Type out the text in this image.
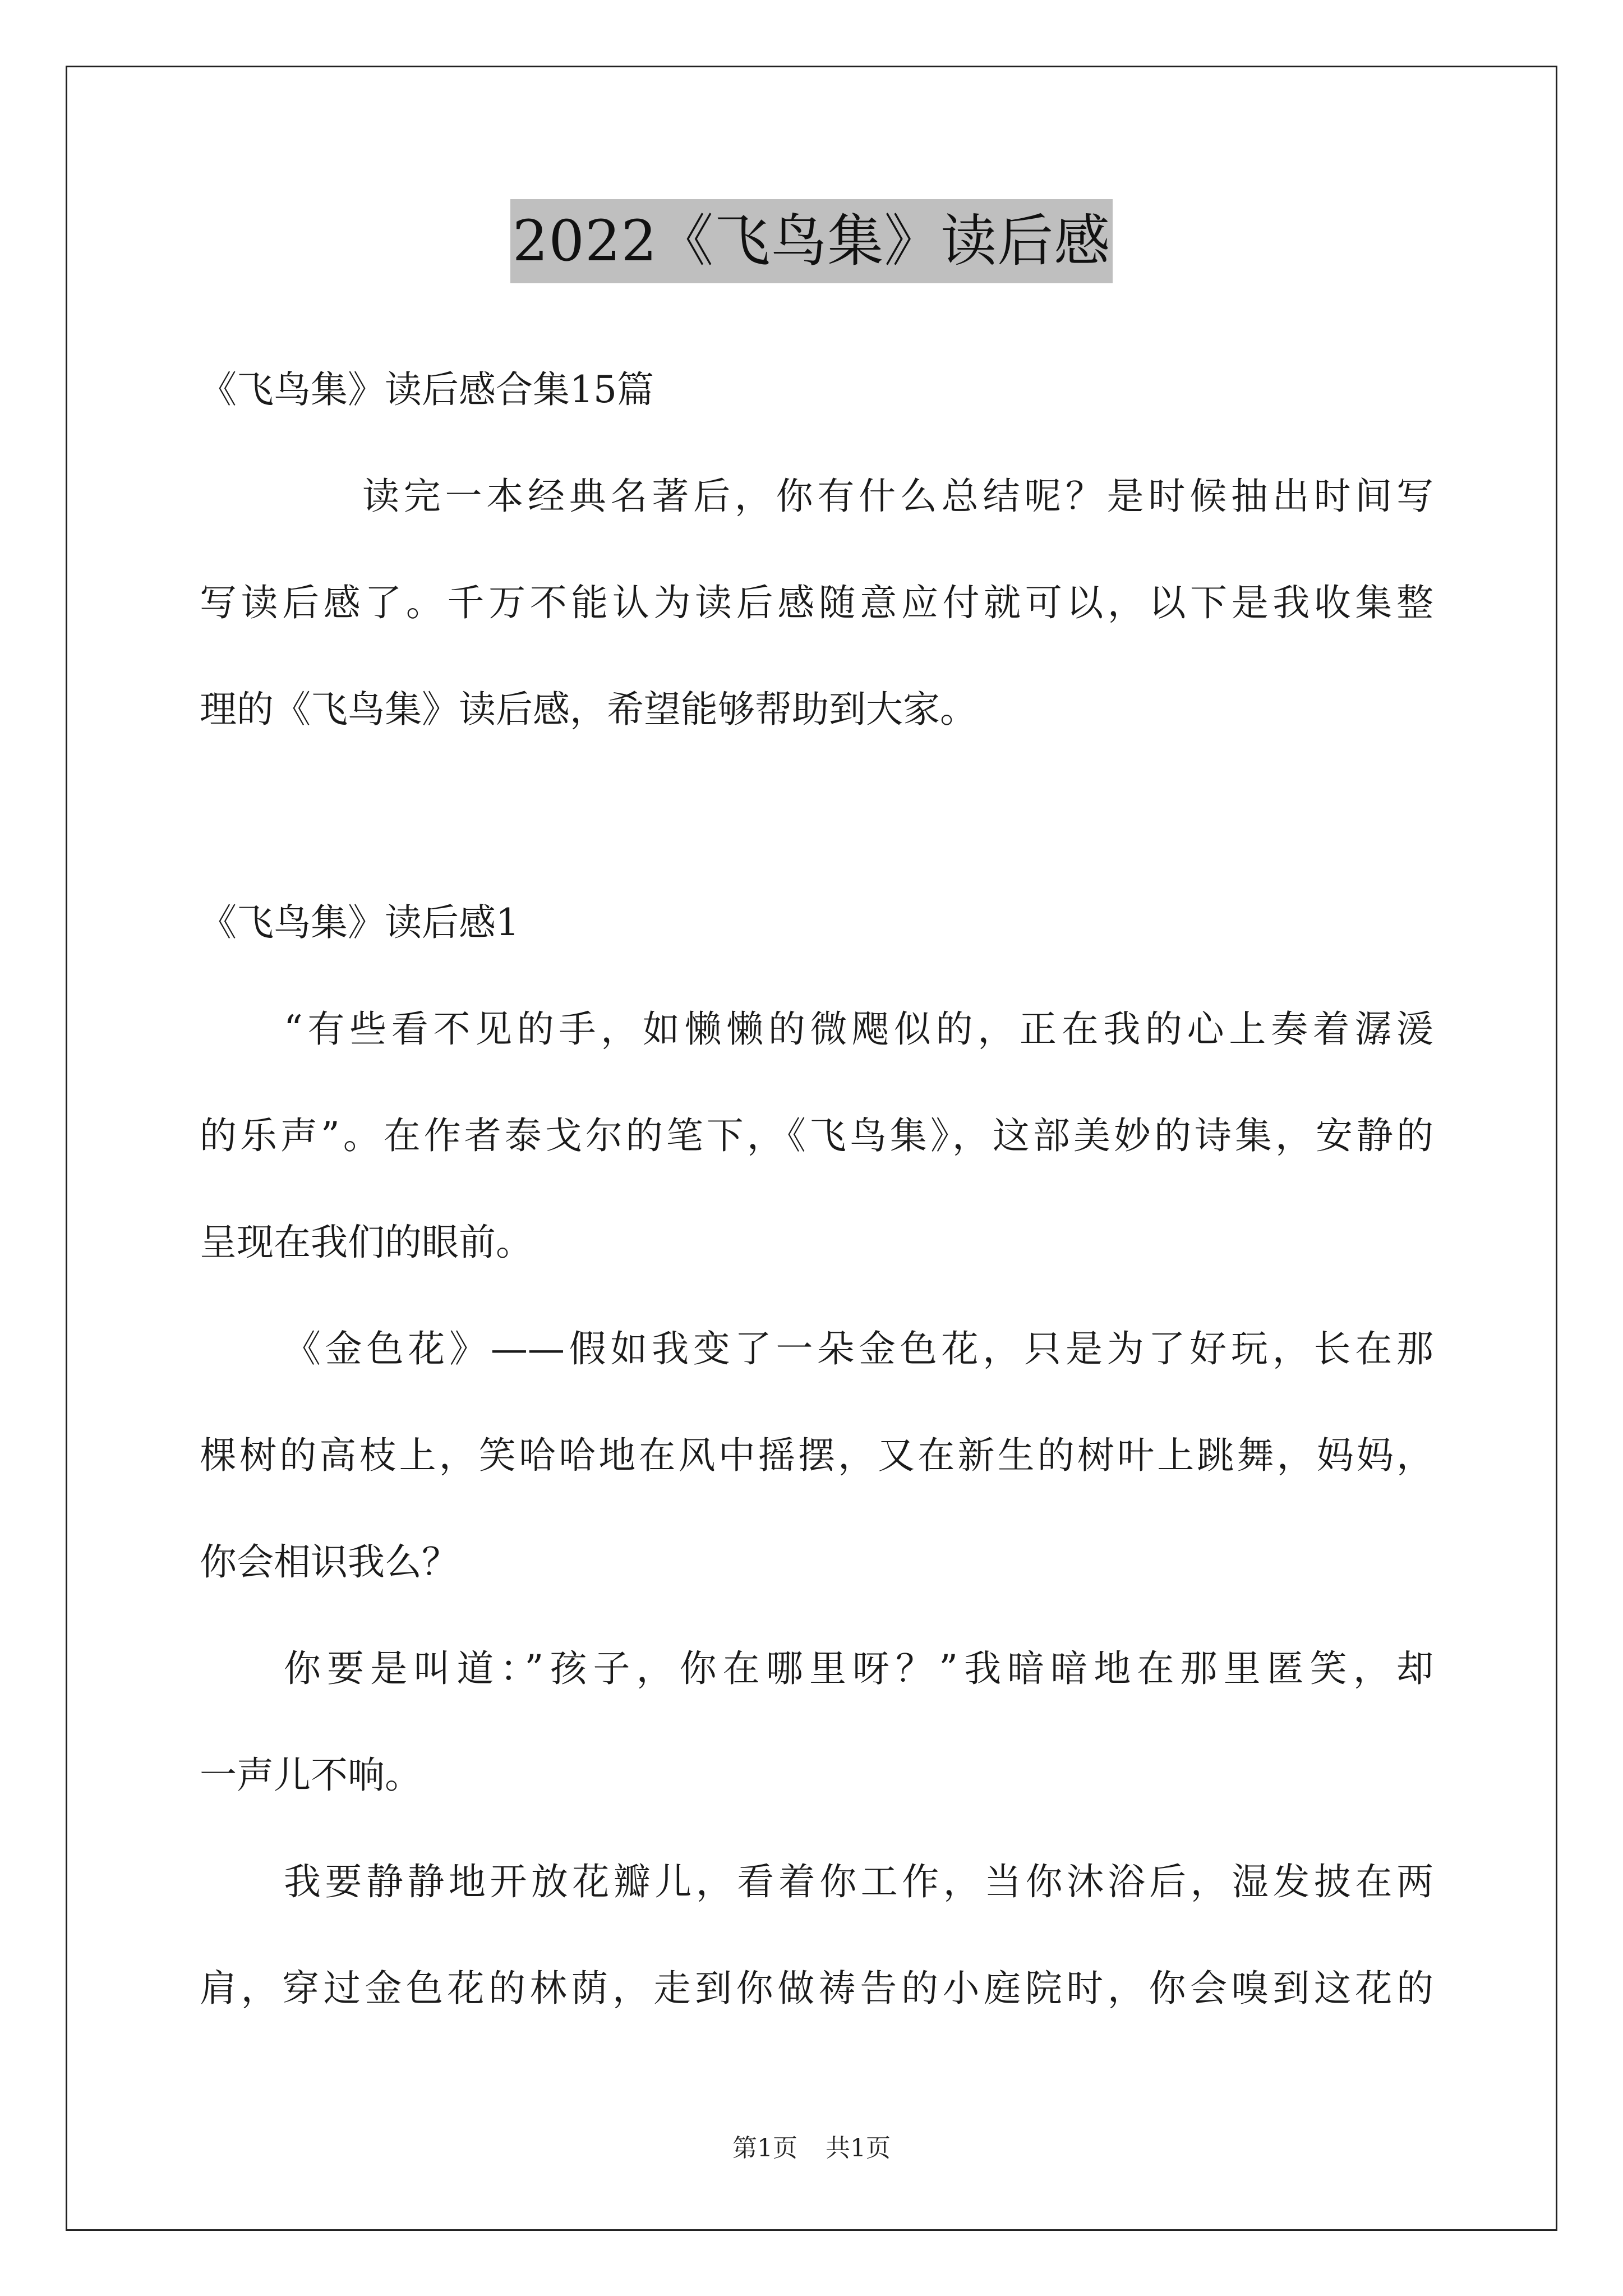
2022《飞鸟集》读后感
《飞鸟集》读后感合集15篇
读完一本经典名著后，你有什么总结呢？是时候抽出时间写
写读后感了。千万不能认为读后感随意应付就可以，以下是我收集整
理的《飞鸟集》读后感，希望能够帮助到大家。
《飞鸟集》读后感1
“有些看不见的手，如懒懒的微飔似的，正在我的心上奏着潺湲
的乐声”。在作者泰戈尔的笔下，《飞鸟集》，这部美妙的诗集，安静的
呈现在我们的眼前。
《金色花》——假如我变了一朵金色花，只是为了好玩，长在那
棵树的高枝上，笑哈哈地在风中摇摆，又在新生的树叶上跳舞，妈妈，
你会相识我么？
你要是叫道：”孩子，你在哪里呀？”我暗暗地在那里匿笑，却
一声儿不响。
我要静静地开放花瓣儿，看着你工作，当你沐浴后，湿发披在两
肩，穿过金色花的林荫，走到你做祷告的小庭院时，你会嗅到这花的
第1页 共1页
